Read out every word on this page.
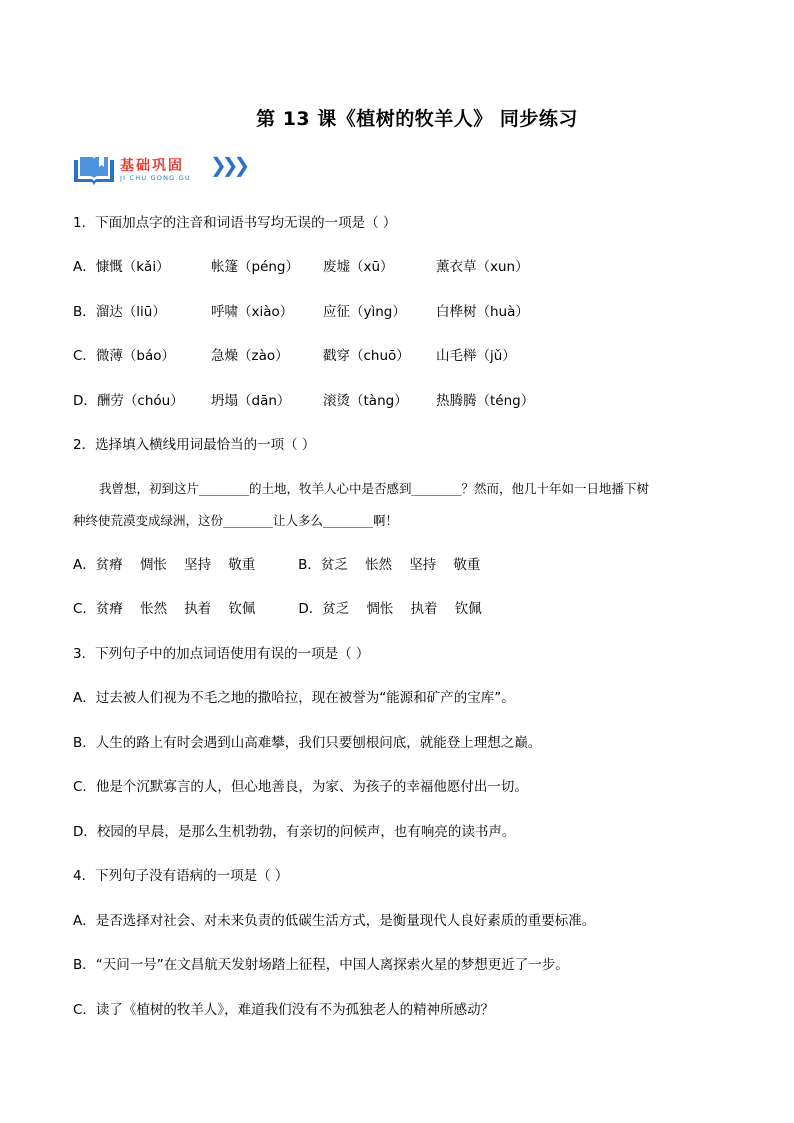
第 13 课《植树的牧羊人》 同步练习
基础巩固
JI CHU GONG GU
❯❯❯
1．下面加点字的注音和词语书写均无误的一项是（ ）
A．慷慨（kǎi）	帐篷（péng） 废墟（xū）	薰衣草（xun）
B．溜达（liū）	呼啸（xiào） 应征（yìng） 白桦树（huà）
C．微薄（báo）	急燥（zào）	戳穿（chuō） 山毛榉（jǔ）
D．酬劳（chóu） 坍塌（dān） 滚烫（tàng） 热腾腾（téng）
2．选择填入横线用词最恰当的一项（ ）
我曾想，初到这片________的土地，牧羊人心中是否感到________？然而，他几十年如一日地播下树
种终使荒漠变成绿洲，这份________让人多么________啊！
A．贫瘠    惆怅    坚持    敬重          B．贫乏    怅然    坚持    敬重
C．贫瘠    怅然    执着    钦佩          D．贫乏    惆怅    执着    钦佩
3．下列句子中的加点词语使用有误的一项是（ ）
A．过去被人们视为不毛之地的撒哈拉，现在被誉为“能源和矿产的宝库”。
B．人生的路上有时会遇到山高难攀，我们只要刨根问底，就能登上理想之巅。
C．他是个沉默寡言的人，但心地善良，为家、为孩子的幸福他愿付出一切。
D．校园的早晨，是那么生机勃勃，有亲切的问候声，也有响亮的读书声。
4．下列句子没有语病的一项是（ ）
A．是否选择对社会、对未来负责的低碳生活方式，是衡量现代人良好素质的重要标准。
B．“天问一号”在文昌航天发射场踏上征程，中国人离探索火星的梦想更近了一步。
C．读了《植树的牧羊人》，难道我们没有不为孤独老人的精神所感动？
